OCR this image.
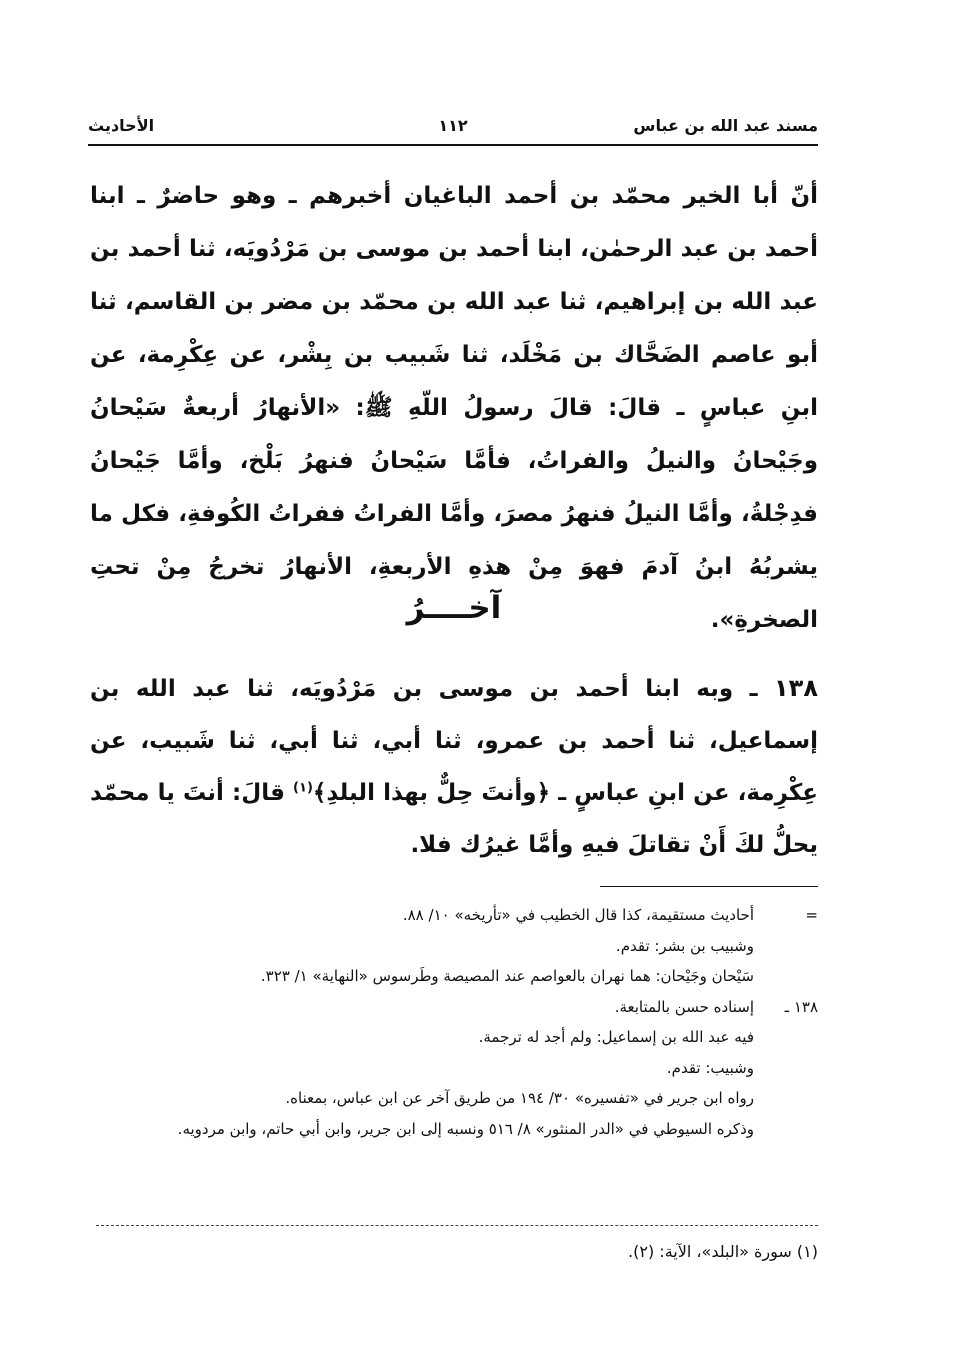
مسند عبد الله بن عباس
١١٢
الأحاديث
أنّ أبا الخير محمّد بن أحمد الباغيان أخبرهم ـ وهو حاضرٌ ـ ابنا أحمد بن عبد الرحمٰن، ابنا أحمد بن موسى بن مَرْدُويَه، ثنا أحمد بن عبد الله بن إبراهيم، ثنا عبد الله بن محمّد بن مضر بن القاسم، ثنا أبو عاصم الضَحَّاك بن مَخْلَد، ثنا شَبيب بن بِشْر، عن عِكْرِمة، عن ابنِ عباسٍ ـ قالَ: قالَ رسولُ اللّهِ ﷺ: «الأنهارُ أربعةٌ سَيْحانُ وجَيْحانُ والنيلُ والفراتُ، فأمَّا سَيْحانُ فنهرُ بَلْخ، وأمَّا جَيْحانُ فدِجْلةُ، وأمَّا النيلُ فنهرُ مصرَ، وأمَّا الفراتُ ففراتُ الكُوفةِ، فكل ما يشربُهُ ابنُ آدمَ فهوَ مِنْ هذهِ الأربعةِ، الأنهارُ تخرجُ مِنْ تحتِ الصخرةِ».
آخــــرُ
١٣٨ ـ وبه ابنا أحمد بن موسى بن مَرْدُويَه، ثنا عبد الله بن إسماعيل، ثنا أحمد بن عمرو، ثنا أبي، ثنا أبي، ثنا شَبيب، عن عِكْرِمة، عن ابنِ عباسٍ ـ ﴿وأنتَ حِلٌّ بهذا البلدِ﴾$^{(١)}$ قالَ: أنتَ يا محمّد يحلُّ لكَ أَنْ تقاتلَ فيهِ وأمَّا غيرُك فلا.
=
أحاديث مستقيمة، كذا قال الخطيب في «تأريخه» ١٠/ ٨٨.
وشبيب بن بشر: تقدم.
سَيْحان وجَيْحان: هما نهران بالعواصم عند المصيصة وطَرسوس «النهاية» ١/ ٣٢٣.
١٣٨ ـ
إسناده حسن بالمتابعة.
فيه عبد الله بن إسماعيل: ولم أجد له ترجمة.
وشبيب: تقدم.
رواه ابن جرير في «تفسيره» ٣٠/ ١٩٤ من طريق آخر عن ابن عباس، بمعناه.
وذكره السيوطي في «الدر المنثور» ٨/ ٥١٦ ونسبه إلى ابن جرير، وابن أبي حاتم، وابن مردويه.
(١) سورة «البلد»، الآية: (٢).
